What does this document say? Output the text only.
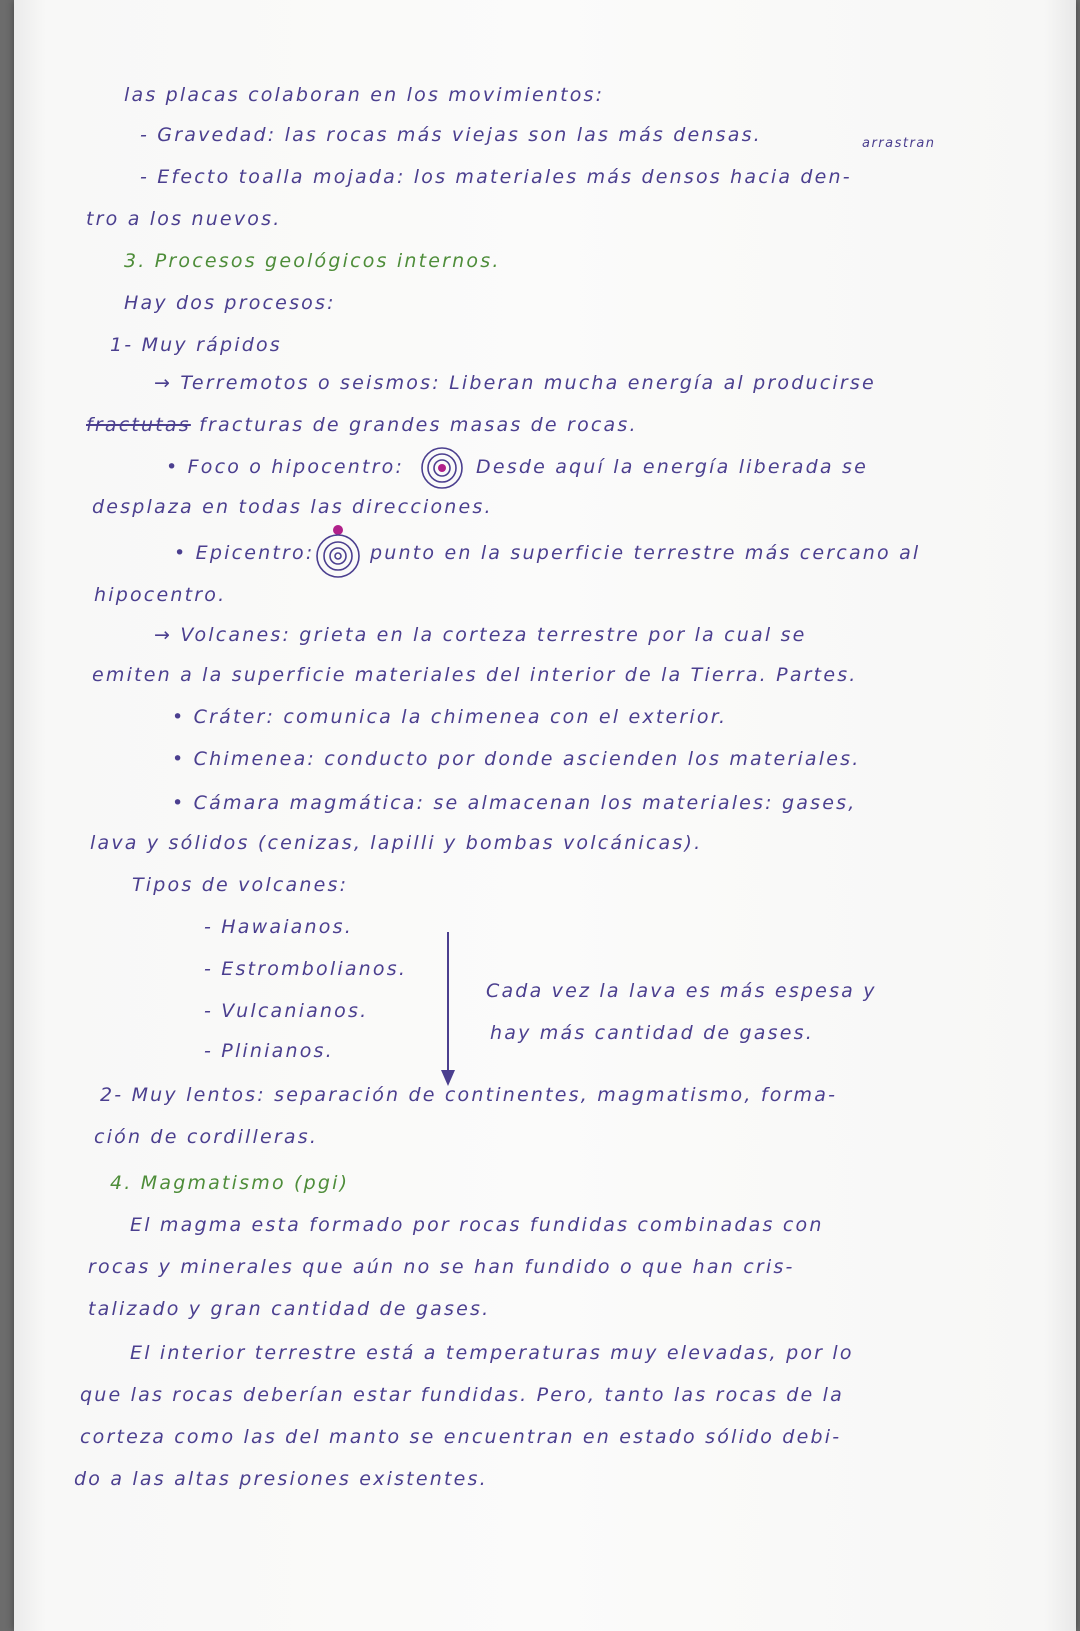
las placas colaboran en los movimientos:
- Gravedad: las rocas más viejas son las más densas.	arrastran
- Efecto toalla mojada: los materiales más densos hacia den-
tro a los nuevos.
3. Procesos geológicos internos.
Hay dos procesos:
1- Muy rápidos
→ Terremotos o seismos: Liberan mucha energía al producirse
fractutas fracturas de grandes masas de rocas.
• Foco o hipocentro:	Desde aquí la energía liberada se
desplaza en todas las direcciones.
• Epicentro:	punto en la superficie terrestre más cercano al
hipocentro.
→ Volcanes: grieta en la corteza terrestre por la cual se
emiten a la superficie materiales del interior de la Tierra. Partes.
• Cráter: comunica la chimenea con el exterior.
• Chimenea: conducto por donde ascienden los materiales.
• Cámara magmática: se almacenan los materiales: gases,
lava y sólidos (cenizas, lapilli y bombas volcánicas).
Tipos de volcanes:
- Hawaianos.
- Estrombolianos.
- Vulcanianos.
- Plinianos.
Cada vez la lava es más espesa y
hay más cantidad de gases.
2- Muy lentos: separación de continentes, magmatismo, forma-
ción de cordilleras.
4. Magmatismo (pgi)
El magma esta formado por rocas fundidas combinadas con
rocas y minerales que aún no se han fundido o que han cris-
talizado y gran cantidad de gases.
El interior terrestre está a temperaturas muy elevadas, por lo
que las rocas deberían estar fundidas. Pero, tanto las rocas de la
corteza como las del manto se encuentran en estado sólido debi-
do a las altas presiones existentes.
